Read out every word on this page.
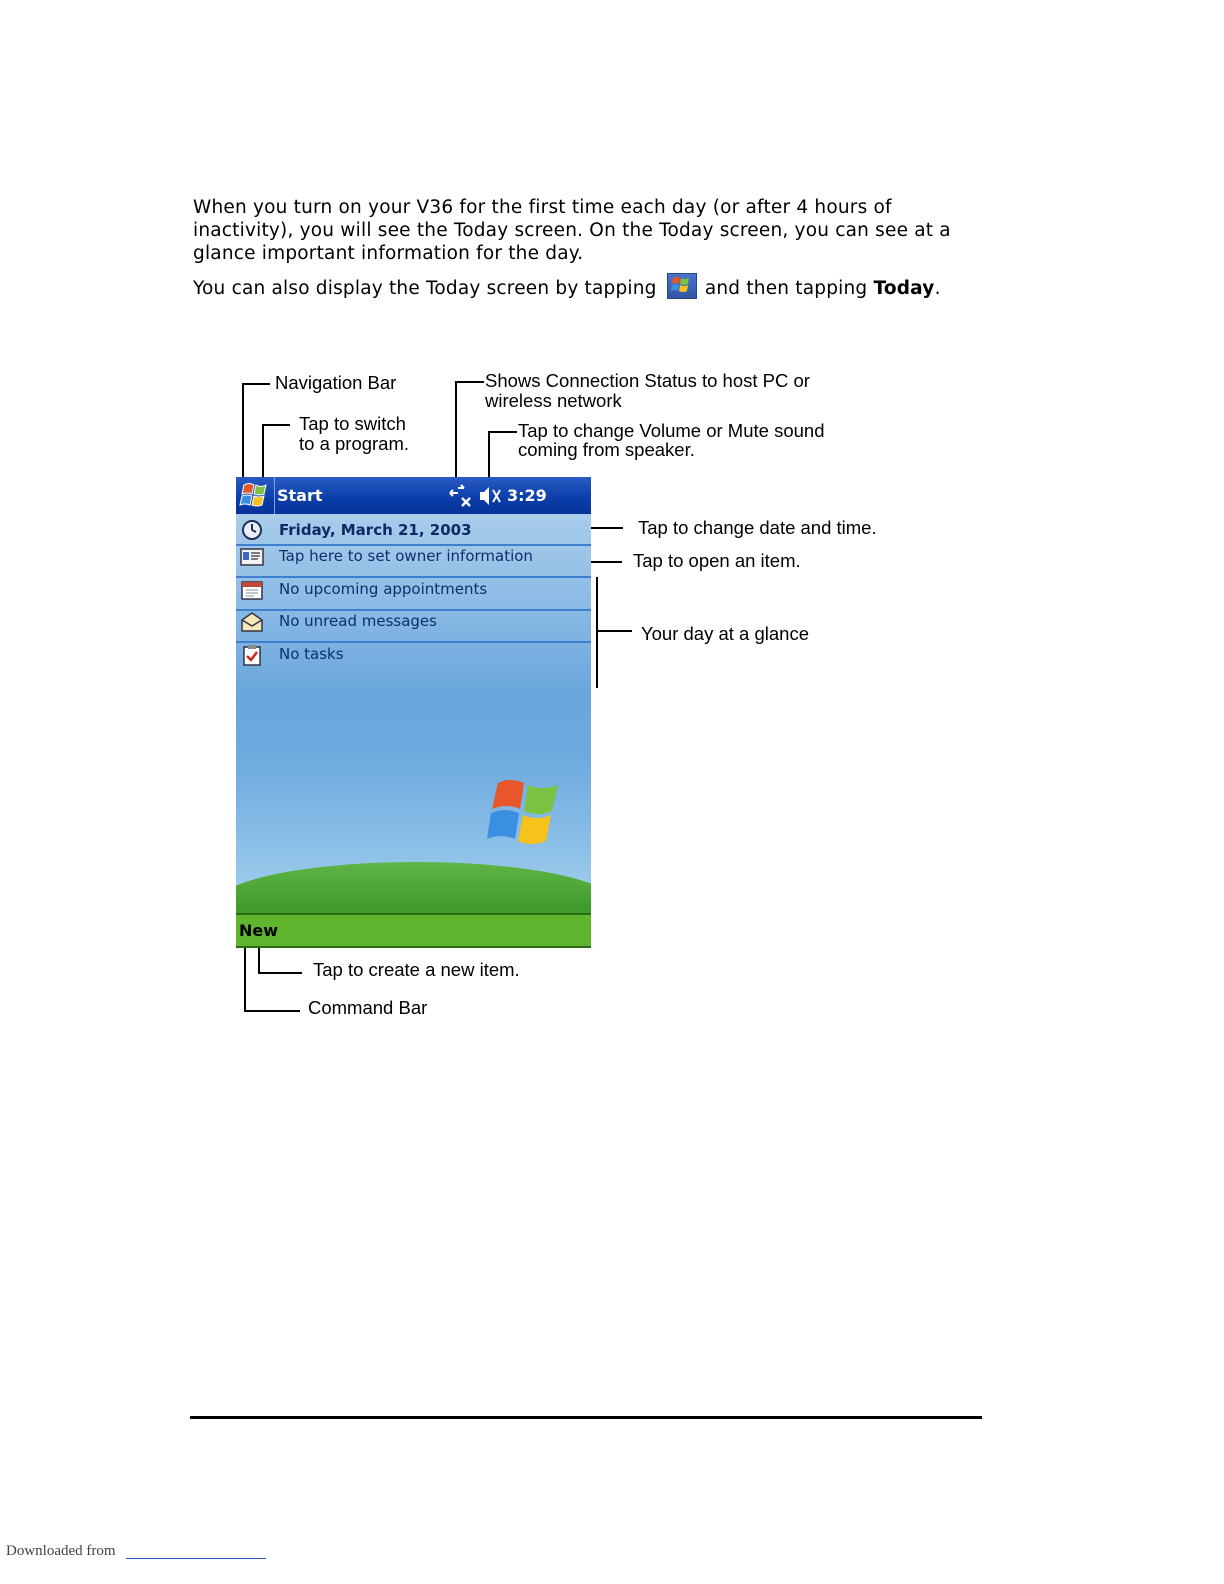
When you turn on your V36 for the first time each day (or after 4 hours of inactivity), you will see the Today screen. On the Today screen, you can see at a glance important information for the day.

You can also display the Today screen by tapping	and then tapping Today.

Navigation Bar
Tap to switch
to a program.
Shows Connection Status to host PC or
wireless network
Tap to change Volume or Mute sound
coming from speaker.
Tap to change date and time.
Tap to open an item.
Your day at a glance
Tap to create a new item.
Command Bar
Start	3:29
Friday, March 21, 2003
Tap here to set owner information
No upcoming appointments
No unread messages
No tasks
New
Downloaded from
